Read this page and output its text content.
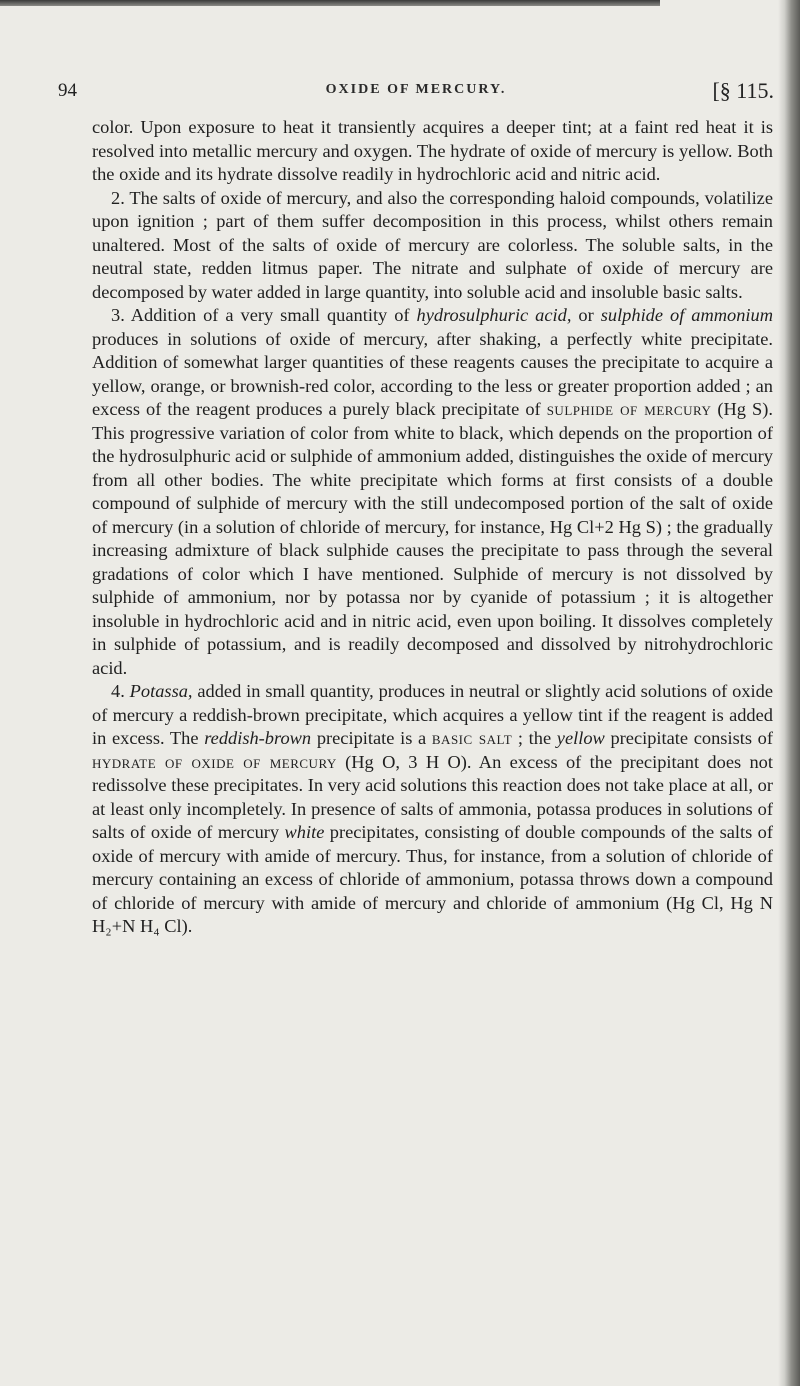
94	OXIDE OF MERCURY.	[§ 115.

color. Upon exposure to heat it transiently acquires a deeper tint; at a faint red heat it is resolved into metallic mercury and oxygen. The hydrate of oxide of mercury is yellow. Both the oxide and its hydrate dissolve readily in hydrochloric acid and nitric acid.

2. The salts of oxide of mercury, and also the corresponding haloid compounds, volatilize upon ignition ; part of them suffer decomposition in this process, whilst others remain unaltered. Most of the salts of oxide of mercury are colorless. The soluble salts, in the neutral state, redden litmus paper. The nitrate and sulphate of oxide of mercury are decomposed by water added in large quantity, into soluble acid and insoluble basic salts.

3. Addition of a very small quantity of hydrosulphuric acid, or sulphide of ammonium produces in solutions of oxide of mercury, after shaking, a perfectly white precipitate. Addition of somewhat larger quantities of these reagents causes the precipitate to acquire a yellow, orange, or brownish-red color, according to the less or greater proportion added ; an excess of the reagent produces a purely black precipitate of sulphide of mercury (Hg S). This progressive variation of color from white to black, which depends on the proportion of the hydrosulphuric acid or sulphide of ammonium added, distinguishes the oxide of mercury from all other bodies. The white precipitate which forms at first consists of a double compound of sulphide of mercury with the still undecomposed portion of the salt of oxide of mercury (in a solution of chloride of mercury, for instance, Hg Cl+2 Hg S) ; the gradually increasing admixture of black sulphide causes the precipitate to pass through the several gradations of color which I have mentioned. Sulphide of mercury is not dissolved by sulphide of ammonium, nor by potassa nor by cyanide of potassium ; it is altogether insoluble in hydrochloric acid and in nitric acid, even upon boiling. It dissolves completely in sulphide of potassium, and is readily decomposed and dissolved by nitrohydrochloric acid.

4. Potassa, added in small quantity, produces in neutral or slightly acid solutions of oxide of mercury a reddish-brown precipitate, which acquires a yellow tint if the reagent is added in excess. The reddish-brown precipitate is a basic salt ; the yellow precipitate consists of hydrate of oxide of mercury (Hg O, 3 H O). An excess of the precipitant does not redissolve these precipitates. In very acid solutions this reaction does not take place at all, or at least only incompletely. In presence of salts of ammonia, potassa produces in solutions of salts of oxide of mercury white precipitates, consisting of double compounds of the salts of oxide of mercury with amide of mercury. Thus, for instance, from a solution of chloride of mercury containing an excess of chloride of ammonium, potassa throws down a compound of chloride of mercury with amide of mercury and chloride of ammonium (Hg Cl, Hg N H₂+N H₄ Cl).
